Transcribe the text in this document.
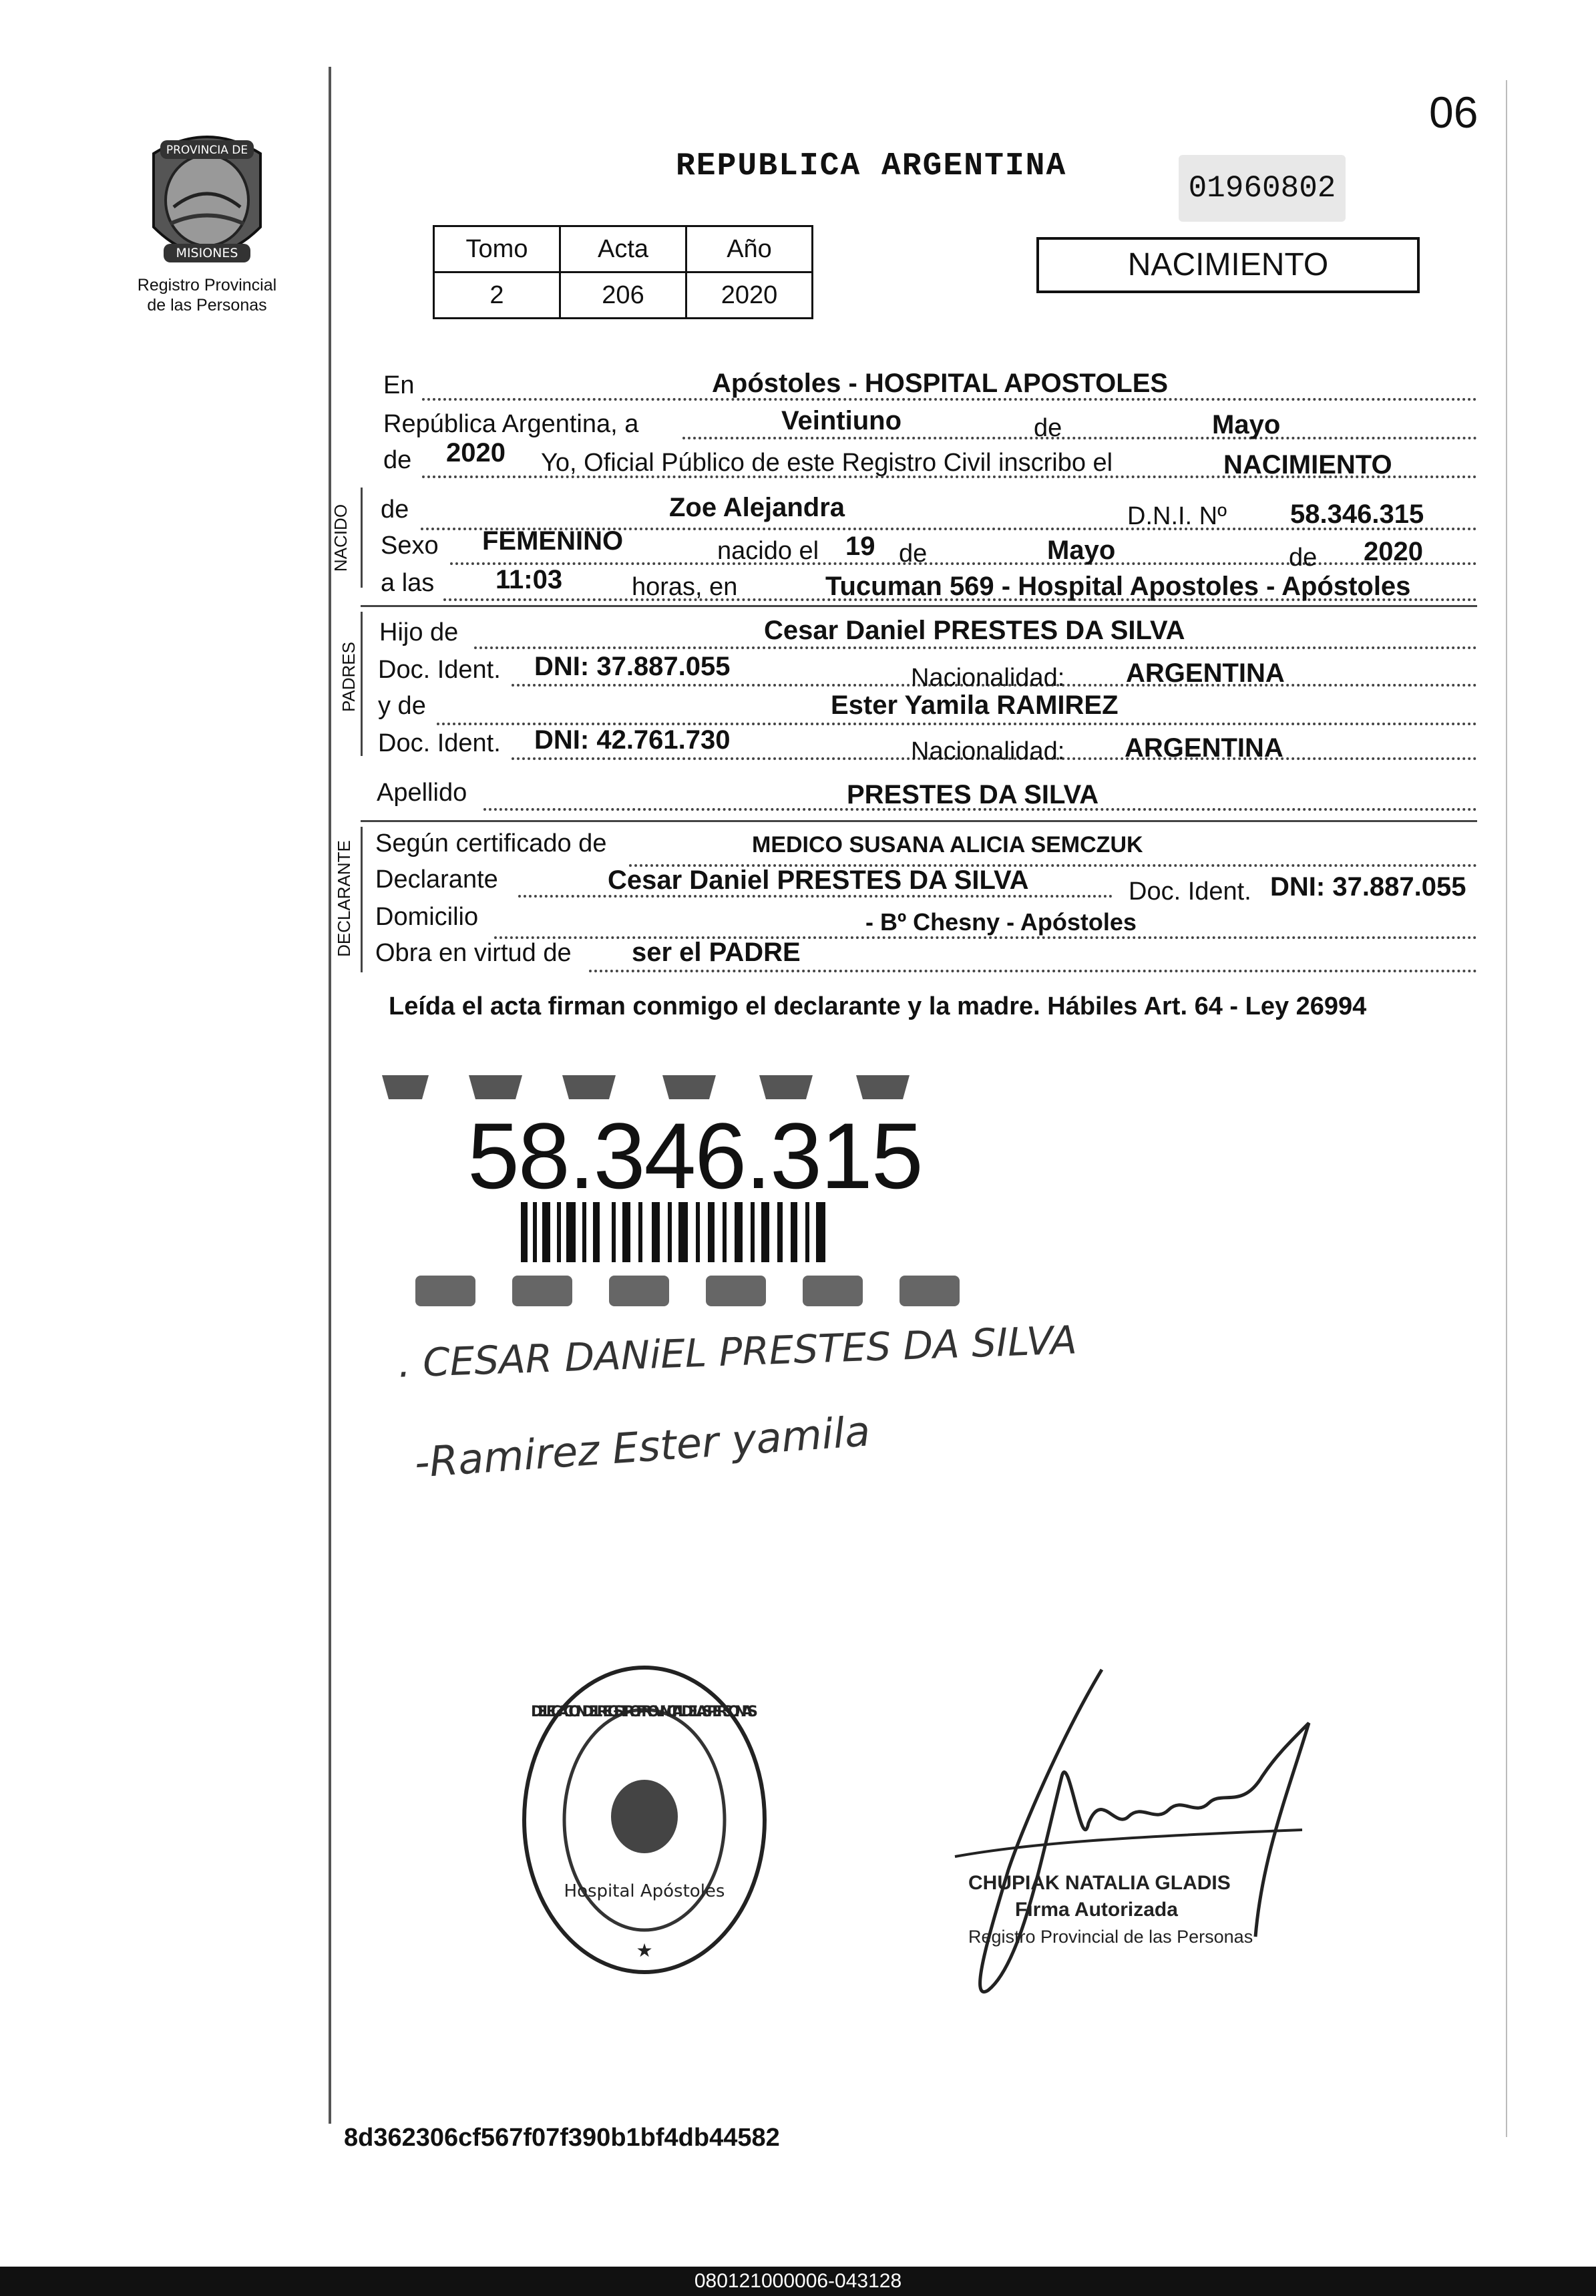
06
PROVINCIA DE
MISIONES
Registro Provincial
de las Personas
REPUBLICA ARGENTINA
01960802
Tomo	Acta	Año
2	206	2020
NACIMIENTO
En	Apóstoles - HOSPITAL APOSTOLES
República Argentina, a	Veintiuno	de	Mayo
de 2020 Yo, Oficial Público de este Registro Civil inscribo el	NACIMIENTO
NACIDO de	Zoe Alejandra	D.N.I. Nº 58.346.315
Sexo FEMENINO	nacido el 19 de	Mayo	de 2020
a las 11:03	horas, en	Tucuman 569 - Hospital Apostoles - Apóstoles
PADRES
Hijo de	Cesar Daniel PRESTES DA SILVA
Doc. Ident. DNI: 37.887.055	Nacionalidad: ARGENTINA
y de	Ester Yamila RAMIREZ
Doc. Ident. DNI: 42.761.730	Nacionalidad: ARGENTINA
Apellido	PRESTES DA SILVA
DECLARANTE Según certificado de	MEDICO SUSANA ALICIA SEMCZUK
Declarante	Cesar Daniel PRESTES DA SILVA	Doc. Ident. DNI: 37.887.055
Domicilio	- Bº Chesny - Apóstoles
Obra en virtud de ser el PADRE
Leída el acta firman conmigo el declarante y la madre. Hábiles Art. 64 - Ley 26994
58.346.315
. CESAR DANiEL PRESTES DA SILVA
-Ramirez Ester yamila
DELEGACION DEL REGISTRO PROVINCIAL DE LAS PERSONAS
Hospital Apóstoles
★
CHUPIAK NATALIA GLADIS
Firma Autorizada
Registro Provincial de las Personas
8d362306cf567f07f390b1bf4db44582
080121000006-043128
